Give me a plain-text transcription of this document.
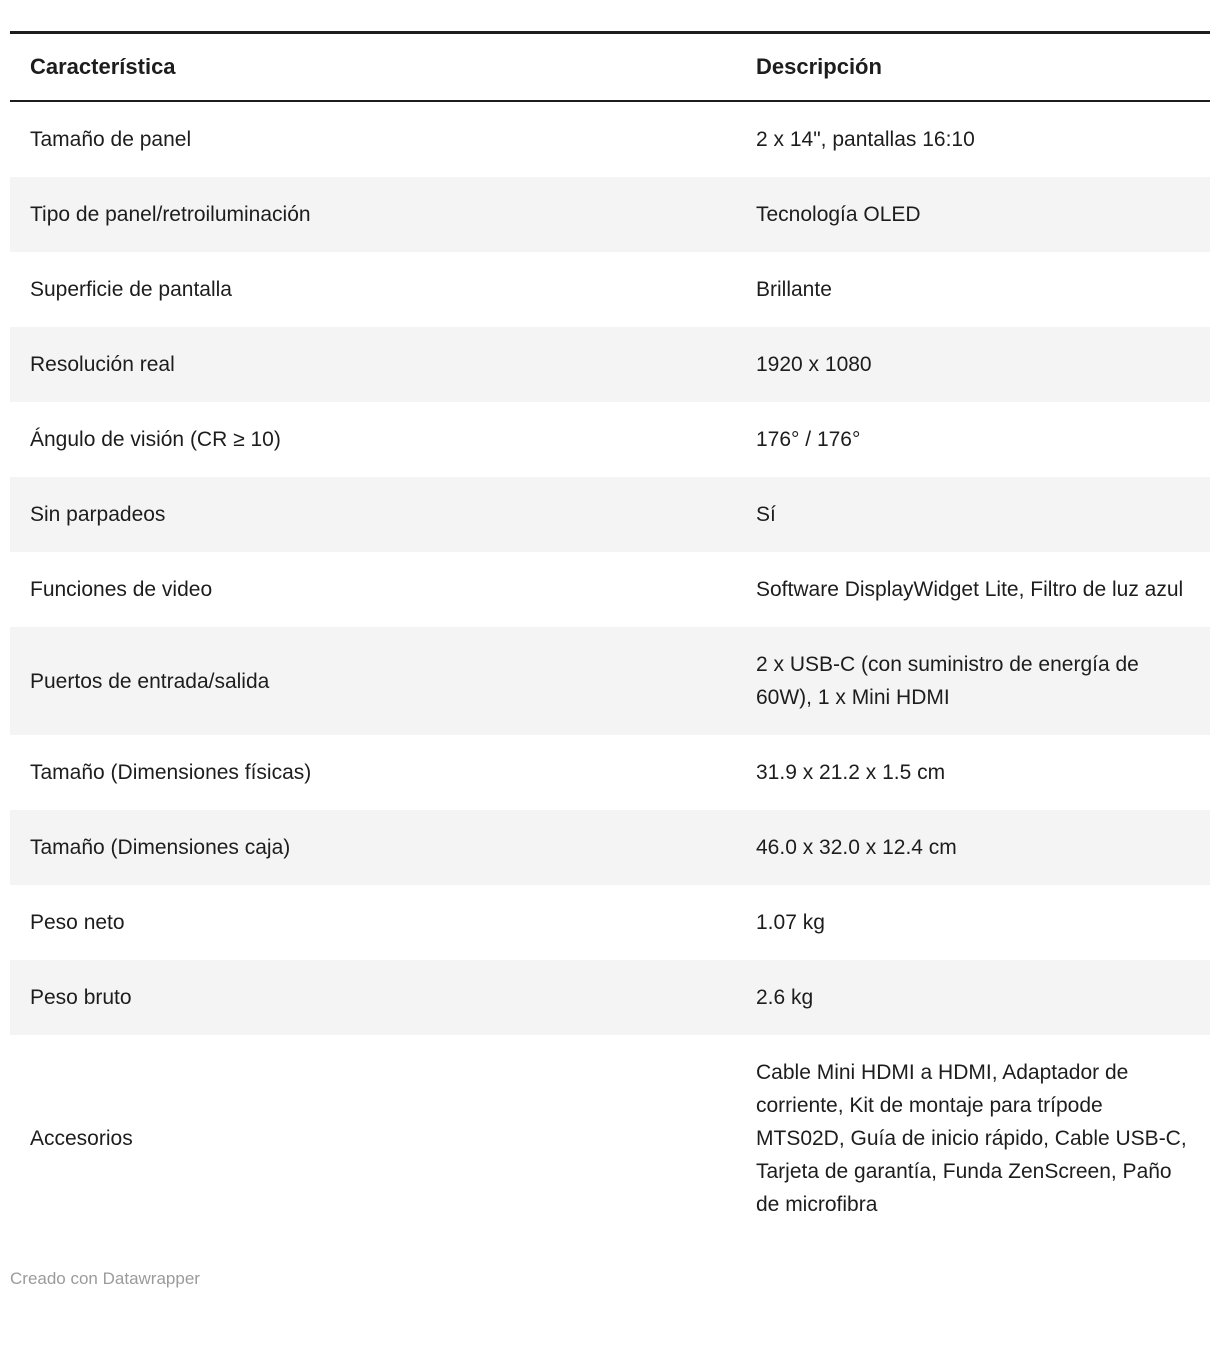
Característica	Descripción
Tamaño de panel	2 x 14", pantallas 16:10
Tipo de panel/retroiluminación	Tecnología OLED
Superficie de pantalla	Brillante
Resolución real	1920 x 1080
Ángulo de visión (CR ≥ 10)	176° / 176°
Sin parpadeos	Sí
Funciones de video	Software DisplayWidget Lite, Filtro de luz azul
Puertos de entrada/salida	2 x USB-C (con suministro de energía de 60W), 1 x Mini HDMI
Tamaño (Dimensiones físicas)	31.9 x 21.2 x 1.5 cm
Tamaño (Dimensiones caja)	46.0 x 32.0 x 12.4 cm
Peso neto	1.07 kg
Peso bruto	2.6 kg
Accesorios	Cable Mini HDMI a HDMI, Adaptador de corriente, Kit de montaje para trípode MTS02D, Guía de inicio rápido, Cable USB-C, Tarjeta de garantía, Funda ZenScreen, Paño de microfibra
Creado con Datawrapper
